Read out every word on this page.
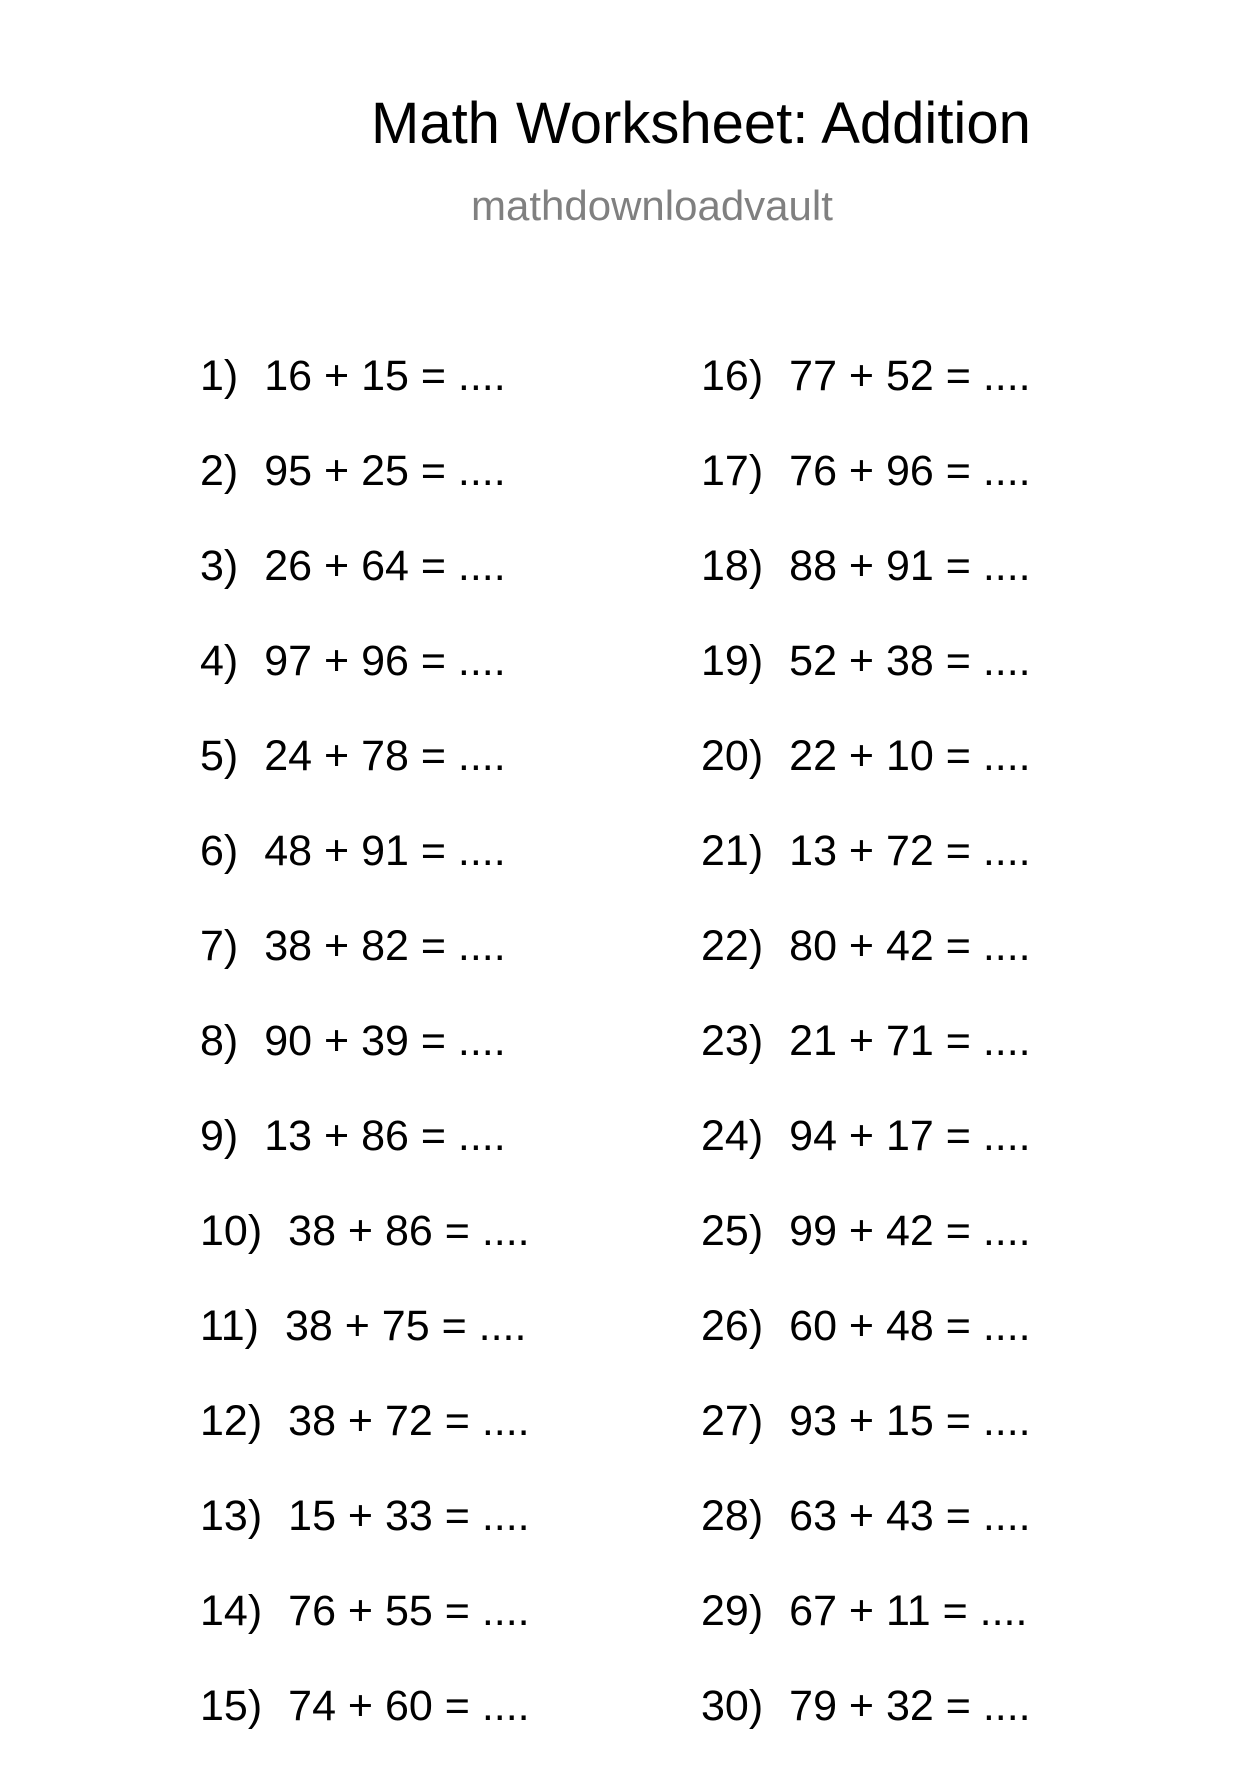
Math Worksheet: Addition
mathdownloadvault
1) 16 + 15 = ....
2) 95 + 25 = ....
3) 26 + 64 = ....
4) 97 + 96 = ....
5) 24 + 78 = ....
6) 48 + 91 = ....
7) 38 + 82 = ....
8) 90 + 39 = ....
9) 13 + 86 = ....
10) 38 + 86 = ....
11) 38 + 75 = ....
12) 38 + 72 = ....
13) 15 + 33 = ....
14) 76 + 55 = ....
15) 74 + 60 = ....
16) 77 + 52 = ....
17) 76 + 96 = ....
18) 88 + 91 = ....
19) 52 + 38 = ....
20) 22 + 10 = ....
21) 13 + 72 = ....
22) 80 + 42 = ....
23) 21 + 71 = ....
24) 94 + 17 = ....
25) 99 + 42 = ....
26) 60 + 48 = ....
27) 93 + 15 = ....
28) 63 + 43 = ....
29) 67 + 11 = ....
30) 79 + 32 = ....
